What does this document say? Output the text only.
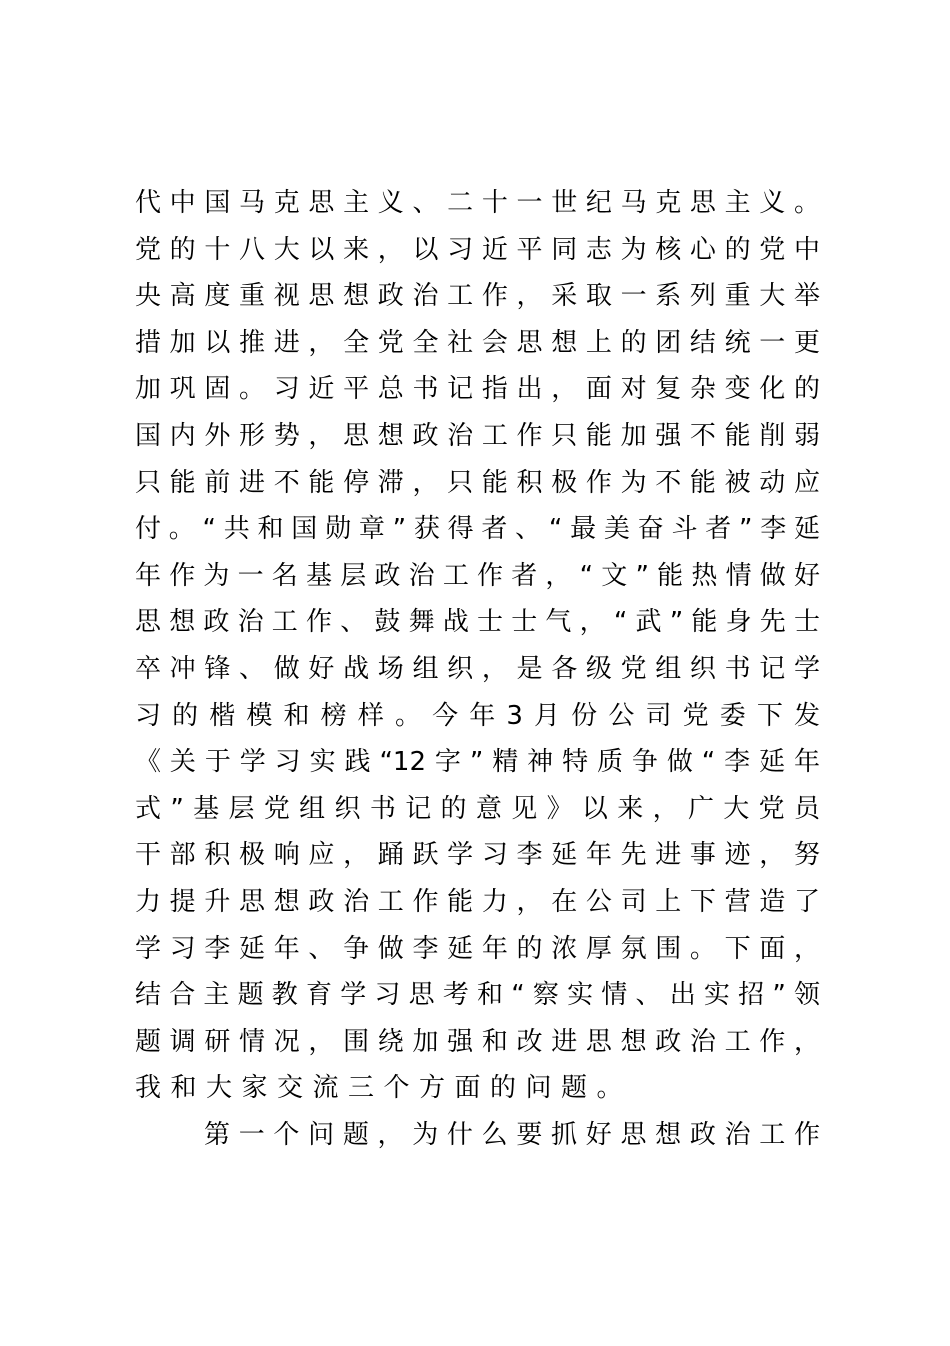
代中国马克思主义、二十一世纪马克思主义。
党的十八大以来，以习近平同志为核心的党中
央高度重视思想政治工作，采取一系列重大举
措加以推进，全党全社会思想上的团结统一更
加巩固。习近平总书记指出，面对复杂变化的
国内外形势，思想政治工作只能加强不能削弱
只能前进不能停滞，只能积极作为不能被动应
付。“共和国勋章”获得者、“最美奋斗者”李延
年作为一名基层政治工作者，“文”能热情做好
思想政治工作、鼓舞战士士气，“武”能身先士
卒冲锋、做好战场组织，是各级党组织书记学
习的楷模和榜样。今年3月份公司党委下发
《关于学习实践“12字”精神特质争做“李延年
式”基层党组织书记的意见》以来，广大党员
干部积极响应，踊跃学习李延年先进事迹，努
力提升思想政治工作能力，在公司上下营造了
学习李延年、争做李延年的浓厚氛围。下面，
结合主题教育学习思考和“察实情、出实招”领
题调研情况，围绕加强和改进思想政治工作，
我和大家交流三个方面的问题。
第一个问题，为什么要抓好思想政治工作
